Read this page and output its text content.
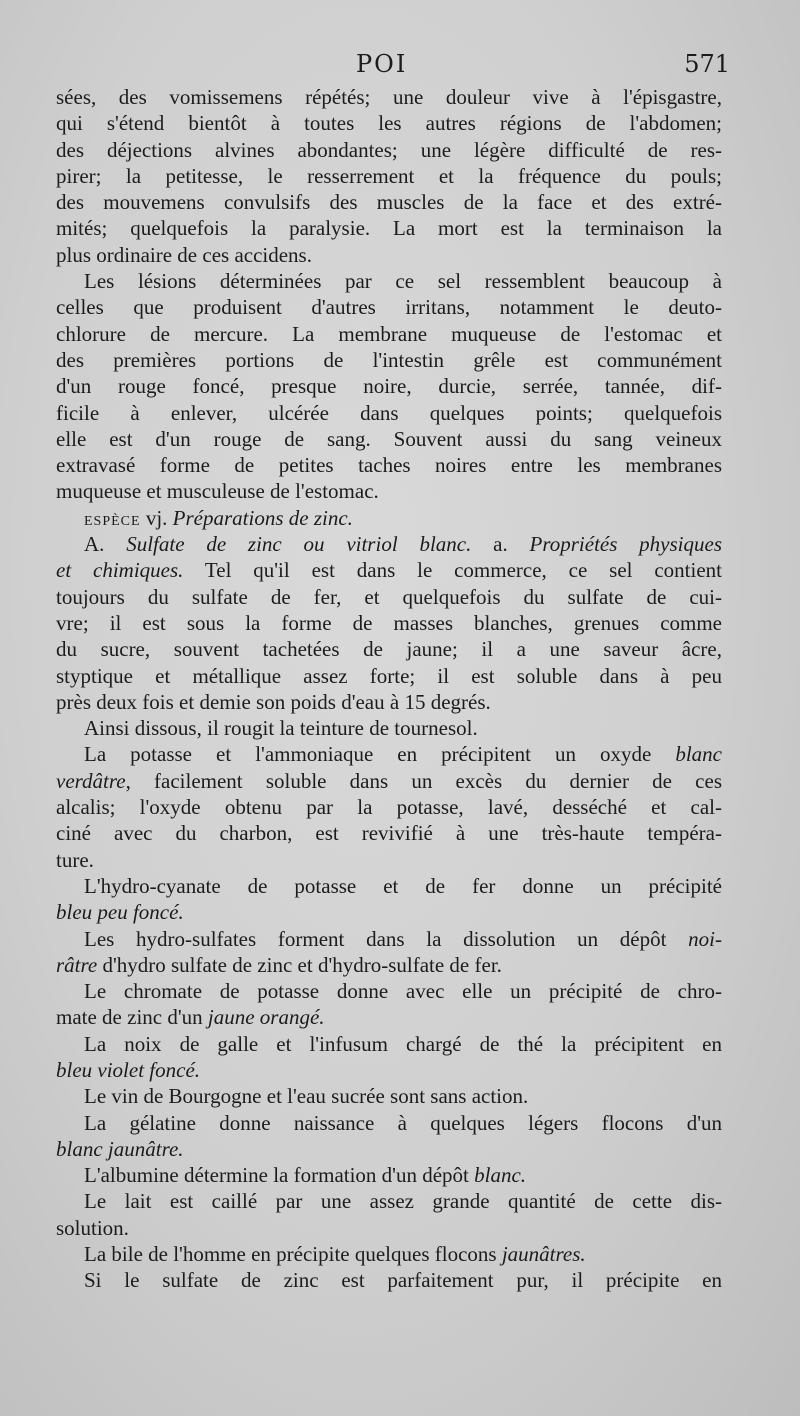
POI	571
sées, des vomissemens répétés; une douleur vive à l'épisgastre,
qui s'étend bientôt à toutes les autres régions de l'abdomen;
des déjections alvines abondantes; une légère difficulté de res-
pirer; la petitesse, le resserrement et la fréquence du pouls;
des mouvemens convulsifs des muscles de la face et des extré-
mités; quelquefois la paralysie. La mort est la terminaison la
plus ordinaire de ces accidens.
Les lésions déterminées par ce sel ressemblent beaucoup à
celles que produisent d'autres irritans, notamment le deuto-
chlorure de mercure. La membrane muqueuse de l'estomac et
des premières portions de l'intestin grêle est communément
d'un rouge foncé, presque noire, durcie, serrée, tannée, dif-
ficile à enlever, ulcérée dans quelques points; quelquefois
elle est d'un rouge de sang. Souvent aussi du sang veineux
extravasé forme de petites taches noires entre les membranes
muqueuse et musculeuse de l'estomac.
ESPÈCE vj. Préparations de zinc.
A. Sulfate de zinc ou vitriol blanc. a. Propriétés physiques
et chimiques. Tel qu'il est dans le commerce, ce sel contient
toujours du sulfate de fer, et quelquefois du sulfate de cui-
vre; il est sous la forme de masses blanches, grenues comme
du sucre, souvent tachetées de jaune; il a une saveur âcre,
styptique et métallique assez forte; il est soluble dans à peu
près deux fois et demie son poids d'eau à 15 degrés.
Ainsi dissous, il rougit la teinture de tournesol.
La potasse et l'ammoniaque en précipitent un oxyde blanc
verdâtre, facilement soluble dans un excès du dernier de ces
alcalis; l'oxyde obtenu par la potasse, lavé, desséché et cal-
ciné avec du charbon, est revivifié à une très-haute tempéra-
ture.
L'hydro-cyanate de potasse et de fer donne un précipité
bleu peu foncé.
Les hydro-sulfates forment dans la dissolution un dépôt noi-
râtre d'hydro sulfate de zinc et d'hydro-sulfate de fer.
Le chromate de potasse donne avec elle un précipité de chro-
mate de zinc d'un jaune orangé.
La noix de galle et l'infusum chargé de thé la précipitent en
bleu violet foncé.
Le vin de Bourgogne et l'eau sucrée sont sans action.
La gélatine donne naissance à quelques légers flocons d'un
blanc jaunâtre.
L'albumine détermine la formation d'un dépôt blanc.
Le lait est caillé par une assez grande quantité de cette dis-
solution.
La bile de l'homme en précipite quelques flocons jaunâtres.
Si le sulfate de zinc est parfaitement pur, il précipite en
